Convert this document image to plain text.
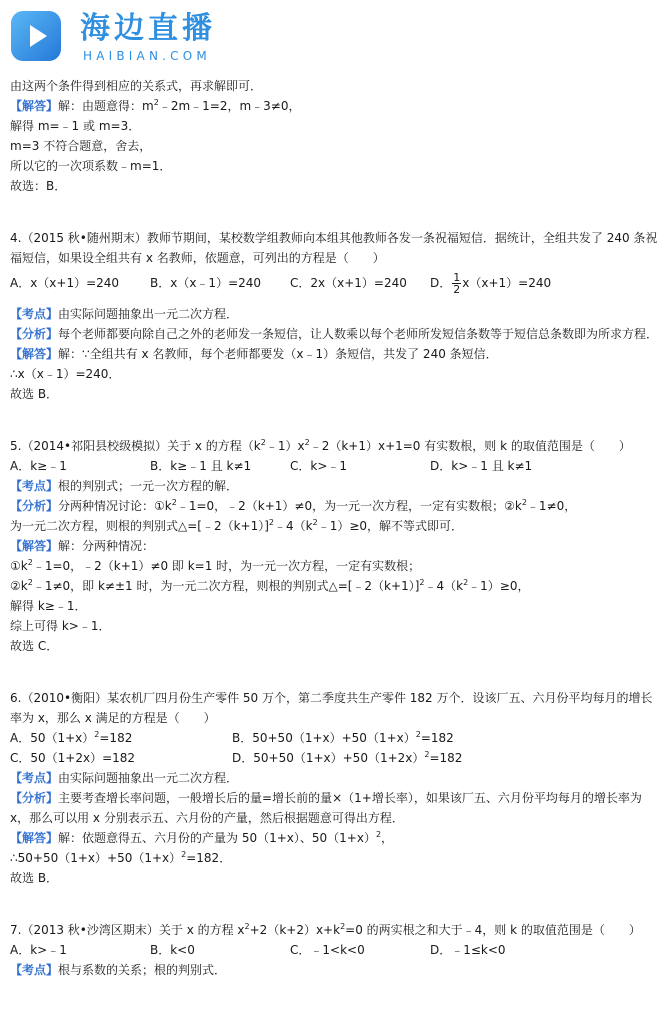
海边直播
HAIBIAN.COM

由这两个条件得到相应的关系式，再求解即可．

【解答】解：由题意得：$m^2﹣2m﹣1=2$，m﹣3≠0，

解得 m=﹣1 或 m=3．

m=3 不符合题意，舍去，

所以它的一次项系数﹣m=1．

故选：B．

4.（2015 秋•随州期末）教师节期间，某校数学组教师向本组其他教师各发一条祝福短信．据统计，全组共发了 240 条祝福短信，如果设全组共有 x 名教师，依题意，可列出的方程是（　　）

A．x（x+1）=240	B．x（x﹣1）=240	C．2x（x+1）=240	D． $\frac{1}{2} x(x+1)=240$

【考点】由实际问题抽象出一元二次方程．

【分析】每个老师都要向除自己之外的老师发一条短信，让人数乘以每个老师所发短信条数等于短信总条数即为所求方程．

【解答】解：∵全组共有 x 名教师，每个老师都要发（x﹣1）条短信，共发了 240 条短信．

∴x（x﹣1）=240．

故选 B．

5.（2014•祁阳县校级模拟）关于 x 的方程$(k^2﹣1)x^2﹣2(k+1)x+1=0$ 有实数根，则 k 的取值范围是（　　）

A．k≥﹣1	B．k≥﹣1 且 k≠1	C．k>﹣1	D．k>﹣1 且 k≠1

【考点】根的判别式；一元一次方程的解．

【分析】分两种情况讨论：$①k^2﹣1=0$，﹣2（k+1）≠0，为一元一次方程，一定有实数根；$②k^2﹣1\ne 0$，

为一元二次方程，则根的判别式$\triangle=[﹣2(k+1)]^2﹣4(k^2﹣1)\ge 0$，解不等式即可．

【解答】解：分两种情况：

$①k^2﹣1=0$，﹣2（k+1）≠0 即 k=1 时，为一元一次方程，一定有实数根；

$②k^2﹣1\ne 0$，即 k≠±1 时，为一元二次方程，则根的判别式$\triangle=[﹣2(k+1)]^2﹣4(k^2﹣1)\ge 0$，

解得 k≥﹣1．

综上可得 k>﹣1．

故选 C．

6.（2010•衡阳）某农机厂四月份生产零件 50 万个，第二季度共生产零件 182 万个．设该厂五、六月份平均每月的增长率为 x，那么 x 满足的方程是（　　）

A．$50(1+x)^2=182$	B．$50+50(1+x)+50(1+x)^2=182$
C．50（1+2x）=182	D．$50+50(1+x)+50(1+2x)^2=182$

【考点】由实际问题抽象出一元二次方程．

【分析】主要考查增长率问题，一般增长后的量=增长前的量×（1+增长率），如果该厂五、六月份平均每月的增长率为 x，那么可以用 x 分别表示五、六月份的产量，然后根据题意可得出方程．

【解答】解：依题意得五、六月份的产量为 50（1+x）、$50(1+x)^2$，

$\therefore 50+50(1+x)+50(1+x)^2=182$．

故选 B．

7.（2013 秋•沙湾区期末）关于 x 的方程 $x^2+2(k+2)x+k^2=0$ 的两实根之和大于﹣4，则 k 的取值范围是（　　）

A．k>﹣1	B．k<0	C．﹣1<k<0	D．﹣1≤k<0

【考点】根与系数的关系；根的判别式．
